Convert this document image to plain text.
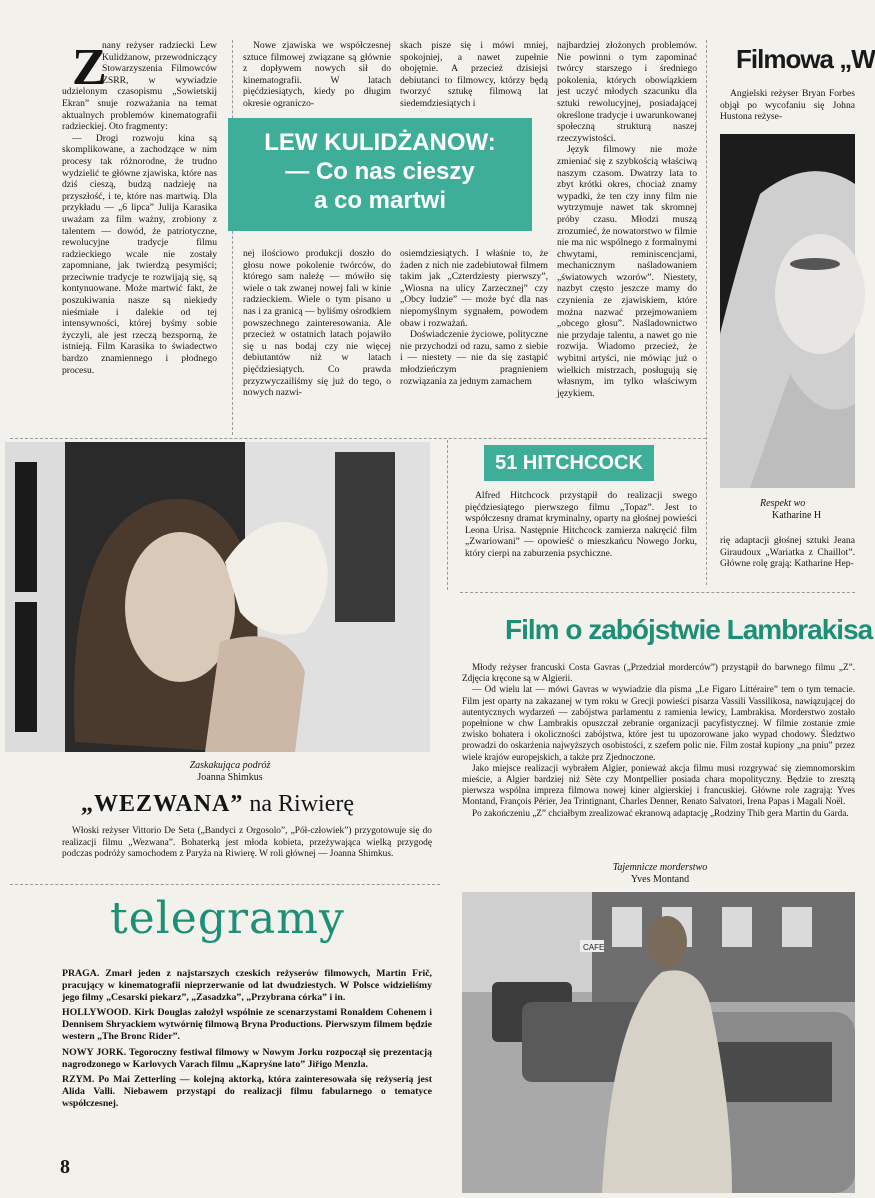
Z

nany reżyser radziecki Lew Kulidżanow, przewodniczący Stowarzyszenia Filmowców ZSRR, w wywiadzie udzielonym czasopismu „Sowietskij Ekran” snuje rozważania na temat aktualnych problemów kinematografii radzieckiej. Oto fragmenty:

— Drogi rozwoju kina są skomplikowane, a zachodzące w nim procesy tak różnorodne, że trudno wydzielić te główne zjawiska, które nas dziś cieszą, budzą nadzieję na przyszłość, i te, które nas martwią. Dla przykładu — „6 lipca” Julija Karasika uważam za film ważny, zrobiony z talentem — dowód, że patriotyczne, rewolucyjne tradycje filmu radzieckiego wcale nie zostały zapomniane, jak twierdzą pesymiści; przeciwnie tradycje te rozwijają się, są kontynuowane. Może martwić fakt, że poszukiwania nasze są niekiedy nieśmiałe i dalekie od tej intensywności, której byśmy sobie życzyli, ale jest rzeczą bezsporną, że istnieją. Film Karasika to świadectwo bardzo znamiennego i płodnego procesu.

Nowe zjawiska we współczesnej sztuce filmowej związane są głównie z dopływem nowych sił do kinematografii. W latach pięćdziesiątych, kiedy po długim okresie ograniczo-

skach pisze się i mówi mniej, spokojniej, a nawet zupełnie obojętnie. A przecież dzisiejsi debiutanci to filmowcy, którzy będą tworzyć sztukę filmową lat siedemdziesiątych i

LEW KULIDŻANOW:
— Co nas cieszy
a co martwi

nej ilościowo produkcji doszło do głosu nowe pokolenie twórców, do którego sam należę — mówiło się wiele o tak zwanej nowej fali w kinie radzieckiem. Wiele o tym pisano u nas i za granicą — byliśmy ośrodkiem powszechnego zainteresowania. Ale przecież w ostatnich latach pojawiło się u nas bodaj czy nie więcej debiutantów niż w latach pięćdziesiątych. Co prawda przyzwyczailiśmy się już do tego, o nowych nazwi-

osiemdziesiątych. I właśnie to, że żaden z nich nie zadebiutował filmem takim jak „Czterdziesty pierwszy”, „Wiosna na ulicy Zarzecznej” czy „Obcy ludzie” — może być dla nas niepomyślnym sygnałem, powodem obaw i rozważań.

Doświadczenie życiowe, polityczne nie przychodzi od razu, samo z siebie i — niestety — nie da się zastąpić młodzieńczym pragnieniem rozwiązania za jednym zamachem

najbardziej złożonych problemów. Nie powinni o tym zapominać twórcy starszego i średniego pokolenia, których obowiązkiem jest uczyć młodych szacunku dla sztuki rewolucyjnej, posiadającej określone tradycje i uwarunkowanej społeczną strukturą naszej rzeczywistości.

Język filmowy nie może zmieniać się z szybkością właściwą naszym czasom. Dwatrzy lata to zbyt krótki okres, chociaż znamy wypadki, że ten czy inny film nie wytrzymuje nawet tak skromnej próby czasu. Młodzi muszą zrozumieć, że nowatorstwo w filmie nie ma nic wspólnego z formalnymi chwytami, reminiscencjami, mechanicznym naśladowaniem „światowych wzorów”. Niestety, nazbyt często jeszcze mamy do czynienia ze zjawiskiem, które można nazwać przejmowaniem „obcego głosu”. Naśladownictwo nie przydaje talentu, a nawet go nie rozwija. Wiadomo przecież, że wybitni artyści, nie mówiąc już o wielkich mistrzach, posługują się własnym, im tylko właściwym językiem.

Filmowa „W

Angielski reżyser Bryan Forbes objął po wycofaniu się Johna Hustona reżyse-

Respekt wo
Katharine H

rię adaptacji głośnej sztuki Jeana Giraudoux „Wariatka z Chaillot”. Główne rolę grają: Katharine Hep-

Zaskakująca podróż
Joanna Shimkus
„WEZWANA” na Riwierę

Włoski reżyser Vittorio De Seta („Bandyci z Orgosolo”, „Pół-człowiek”) przygotowuje się do realizacji filmu „Wezwana”. Bohaterką jest młoda kobieta, przeżywająca wielką przygodę podczas podróży samochodem z Paryża na Riwierę. W roli głównej — Joanna Shimkus.

51 HITCHCOCK

Alfred Hitchcock przystąpił do realizacji swego pięćdziesiątego pierwszego filmu „Topaz”. Jest to współczesny dramat kryminalny, oparty na głośnej powieści Leona Urisa. Następnie Hitchcock zamierza nakręcić film „Zwariowani” — opowieść o mieszkańcu Nowego Jorku, który cierpi na zaburzenia psychiczne.

Film o zabójstwie Lambrakisa

Młody reżyser francuski Costa Gavras („Przedział morderców”) przystąpił do barwnego filmu „Z”. Zdjęcia kręcone są w Algierii.

— Od wielu lat — mówi Gavras w wywiadzie dla pisma „Le Figaro Littéraire” tem o tym temacie. Film jest oparty na zakazanej w tym roku w Grecji powieści pisarza Vassili Vassilikosa, nawiązującej do autentycznych wydarzeń — zabójstwa parlamentu z ramienia lewicy, Lambrakisa. Morderstwo zostało popełnione w chw Lambrakis opuszczał zebranie organizacji pacyfistycznej. W filmie zostanie zmie zwisko bohatera i okoliczności zabójstwa, które jest tu upozorowane jako wypad chodowy. Śledztwo prowadzi do oskarżenia najwyższych osobistości, z szefem polic nie. Film został kupiony „na pniu” przez wiele krajów europejskich, a także prz Zjednoczone.

Jako miejsce realizacji wybrałem Algier, ponieważ akcja filmu musi rozgrywać się ziemnomorskim mieście, a Algier bardziej niż Sète czy Montpellier posiada chara mopolityczny. Będzie to zresztą pierwsza wspólna impreza filmowa nowej kiner algierskiej i francuskiej. Główne role zagrają: Yves Montand, François Périer, Jea Trintignant, Charles Denner, Renato Salvatori, Irena Papas i Magali Noël.

Po zakończeniu „Z” chciałbym zrealizować ekranową adaptację „Rodziny Thib gera Martin du Garda.

Tajemnicze morderstwo
Yves Montand
CAFE
telegramy

PRAGA. Zmarł jeden z najstarszych czeskich reżyserów filmowych, Martin Frič, pracujący w kinematografii nieprzerwanie od lat dwudziestych. W Polsce widzieliśmy jego filmy „Cesarski piekarz”, „Zasadzka”, „Przybrana córka” i in.

HOLLYWOOD. Kirk Douglas założył wspólnie ze scenarzystami Ronaldem Cohenem i Dennisem Shryackiem wytwórnię filmową Bryna Productions. Pierwszym filmem będzie western „The Bronc Rider”.

NOWY JORK. Tegoroczny festiwal filmowy w Nowym Jorku rozpoczął się prezentacją nagrodzonego w Karlovych Varach filmu „Kapryśne lato” Jiřigo Menzla.

RZYM. Po Mai Zetterling — kolejną aktorką, która zainteresowała się reżyserią jest Alida Valli. Niebawem przystąpi do realizacji filmu fabularnego o tematyce współczesnej.

8
